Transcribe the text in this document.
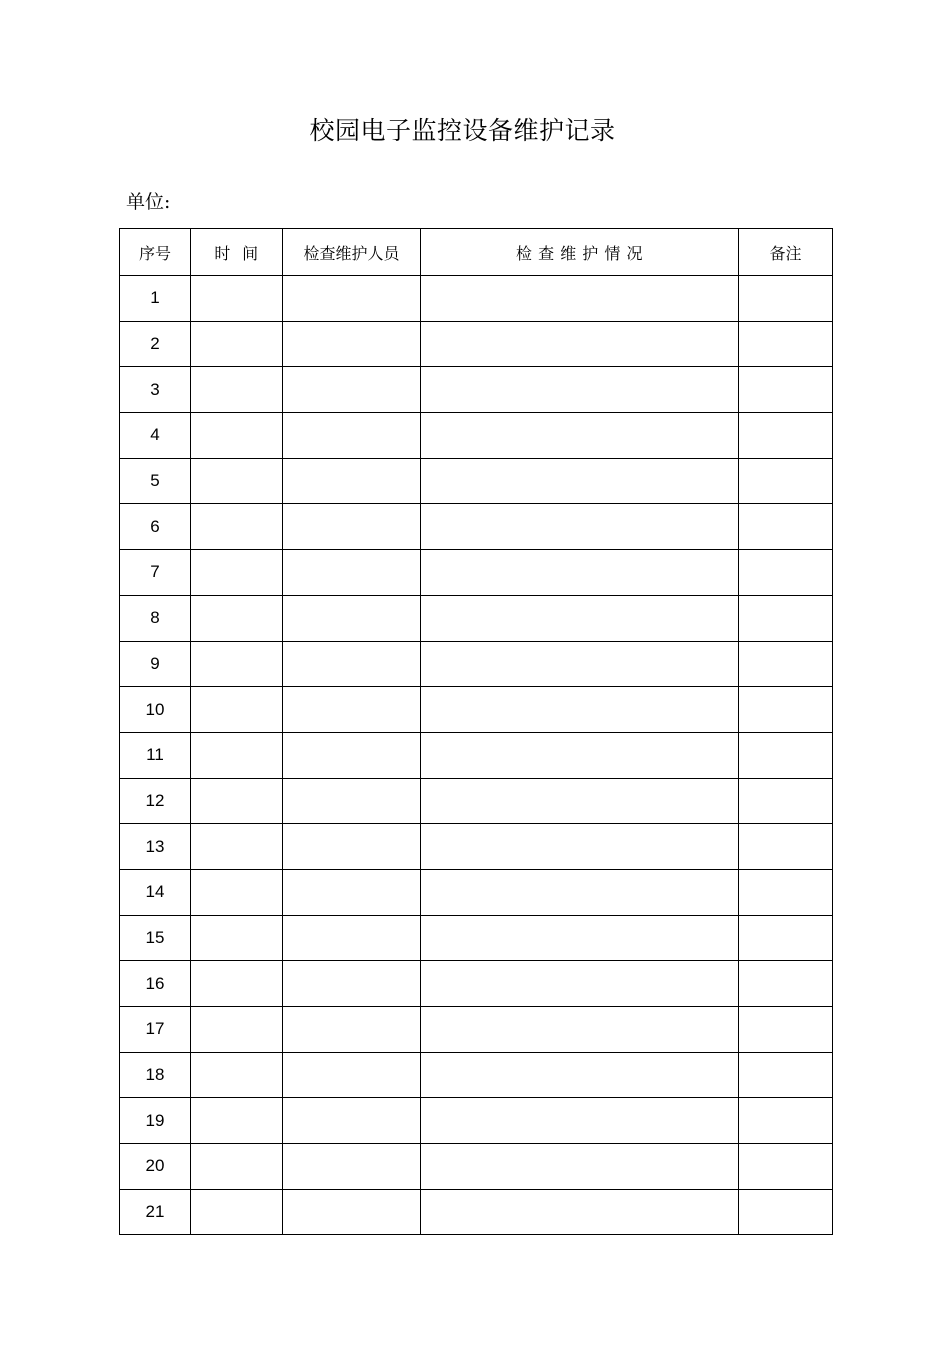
校园电子监控设备维护记录
单位:
序号	时  间	检查维护人员	检 查 维 护 情 况	备注
1				
2				
3				
4				
5				
6				
7				
8				
9				
10				
11				
12				
13				
14				
15				
16				
17				
18				
19				
20				
21				
